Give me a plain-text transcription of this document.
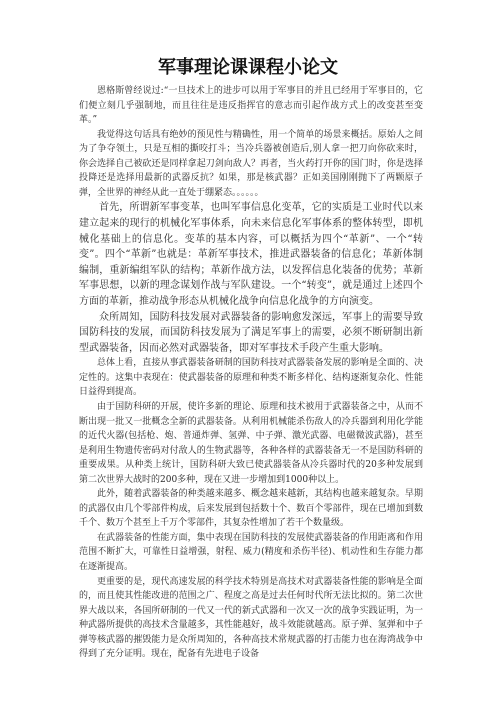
军事理论课课程小论文

恩格斯曾经说过:“一旦技术上的进步可以用于军事目的并且已经用于军事目的，它们便立刻几乎强制地，而且往往是违反指挥官的意志而引起作战方式上的改变甚至变革。”

我觉得这句话具有绝妙的预见性与精确性，用一个简单的场景来概括。原始人之间为了争夺领土，只是互相的撕咬打斗；当冷兵器被创造后,别人拿一把刀向你砍来时，你会选择自己被砍还是同样拿起刀剑向敌人？再者，当火药打开你的国门时，你是选择投降还是选择用最新的武器反抗？如果，那是核武器？正如美国刚刚抛下了两颗原子弹，全世界的神经从此一直处于绷紧态。。。。。。

首先，所谓新军事变革，也叫军事信息化变革，它的实质是工业时代以来建立起来的现行的机械化军事体系，向未来信息化军事体系的整体转型，即机械化基础上的信息化。变革的基本内容，可以概括为四个“革新”、一个“转变”。四个“革新”也就是：革新军事技术，推进武器装备的信息化；革新体制编制，重新编组军队的结构；革新作战方法，以发挥信息化装备的优势；革新军事思想，以新的理念谋划作战与军队建设。一个“转变”，就是通过上述四个方面的革新，推动战争形态从机械化战争向信息化战争的方向演变。

众所周知，国防科技发展对武器装备的影响愈发深远，军事上的需要导致国防科技的发展，而国防科技发展为了满足军事上的需要，必须不断研制出新型武器装备，因而必然对武器装备，即对军事技术手段产生重大影响。

总体上看，直接从事武器装备研制的国防科技对武器装备发展的影响是全面的、决定性的。这集中表现在：使武器装备的原理和种类不断多样化、结构逐渐复杂化、性能日益得到提高。

由于国防科研的开展，使许多新的理论、原理和技术被用于武器装备之中，从而不断出现一批又一批概念全新的武器装备。从利用机械能杀伤敌人的冷兵器到利用化学能的近代火器(包括枪、炮、普通炸弹、氢弹、中子弹、激光武器、电磁微波武器)，甚至是利用生物遗传密码对付敌人的生物武器等，各种各样的武器装备无一不是国防科研的重要成果。从种类上统计，国防科研大致已使武器装备从冷兵器时代的20多种发展到第二次世界大战时的200多种，现在又进一步增加到1000种以上。

此外，随着武器装备的种类越来越多、概念越来越新，其结构也越来越复杂。早期的武器仅由几个零部件构成，后来发展到包括数十个、数百个零部件，现在已增加到数千个、数万个甚至上千万个零部件，其复杂性增加了若干个数量级。

在武器装备的性能方面，集中表现在国防科技的发展使武器装备的作用距离和作用范围不断扩大，可靠性日益增强，射程、威力(精度和杀伤半径)、机动性和生存能力都在逐渐提高。

更重要的是，现代高速发展的科学技术特别是高技术对武器装备性能的影响是全面的，而且使其性能改进的范围之广、程度之高是过去任何时代所无法比拟的。第二次世界大战以来，各国所研制的一代又一代的新式武器和一次又一次的战争实践证明，为一种武器所提供的高技术含量越多，其性能越好，战斗效能就越高。原子弹、氢弹和中子弹等核武器的摧毁能力是众所周知的，各种高技术常规武器的打击能力也在海湾战争中得到了充分证明。现在，配备有先进电子设备
